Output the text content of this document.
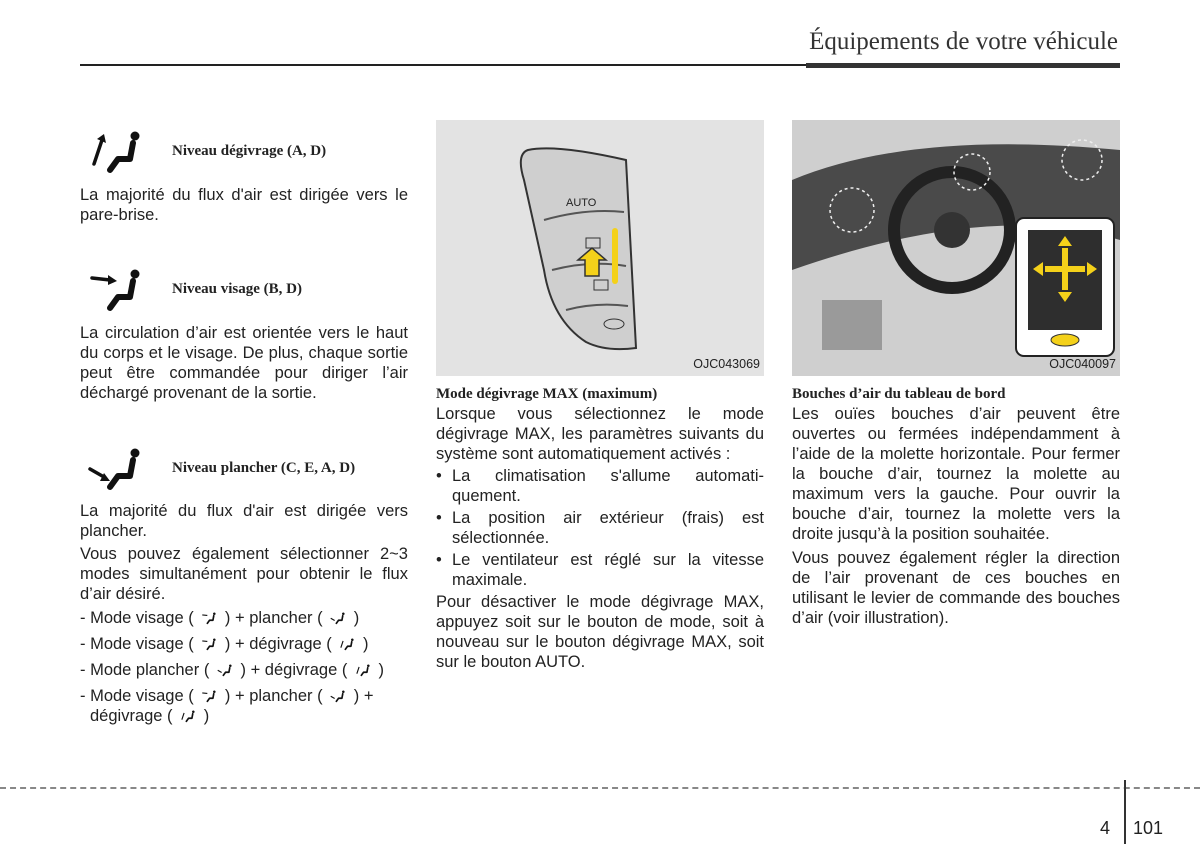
Équipements de votre véhicule
Niveau dégivrage (A, D)

La majorité du flux d'air est dirigée vers le pare-brise.

Niveau visage (B, D)

La circulation d’air est orientée vers le haut du corps et le visage. De plus, chaque sortie peut être commandée pour diriger l’air déchargé provenant de la sortie.

Niveau plancher (C, E, A, D)

La majorité du flux d'air est dirigée vers plancher.

Vous pouvez également sélectionner 2~3 modes simultanément pour obtenir le flux d’air désiré.

- Mode visage ( ) + plancher ( )

- Mode visage ( ) + dégivrage ( )

- Mode plancher ( ) + dégivrage ( )

- Mode visage ( ) + plancher ( ) +
dégivrage ( )

AUTO
OJC043069

Mode dégivrage MAX (maximum)

Lorsque vous sélectionnez le mode dégivrage MAX, les paramètres suivants du système sont automatiquement activés :

• La climatisation s'allume automati-quement.
• La position air extérieur (frais) est sélectionnée.
• Le ventilateur est réglé sur la vitesse maximale.

Pour désactiver le mode dégivrage MAX, appuyez soit sur le bouton de mode, soit à nouveau sur le bouton dégivrage MAX, soit sur le bouton AUTO.

OJC040097

Bouches d’air du tableau de bord

Les ouïes bouches d’air peuvent être ouvertes ou fermées indépendamment à l’aide de la molette horizontale. Pour fermer la bouche d’air, tournez la molette au maximum vers la gauche. Pour ouvrir la bouche d’air, tournez la molette vers la droite jusqu’à la position souhaitée.

Vous pouvez également régler la direction de l’air provenant de ces bouches en utilisant le levier de commande des bouches d’air (voir illustration).

4 101
